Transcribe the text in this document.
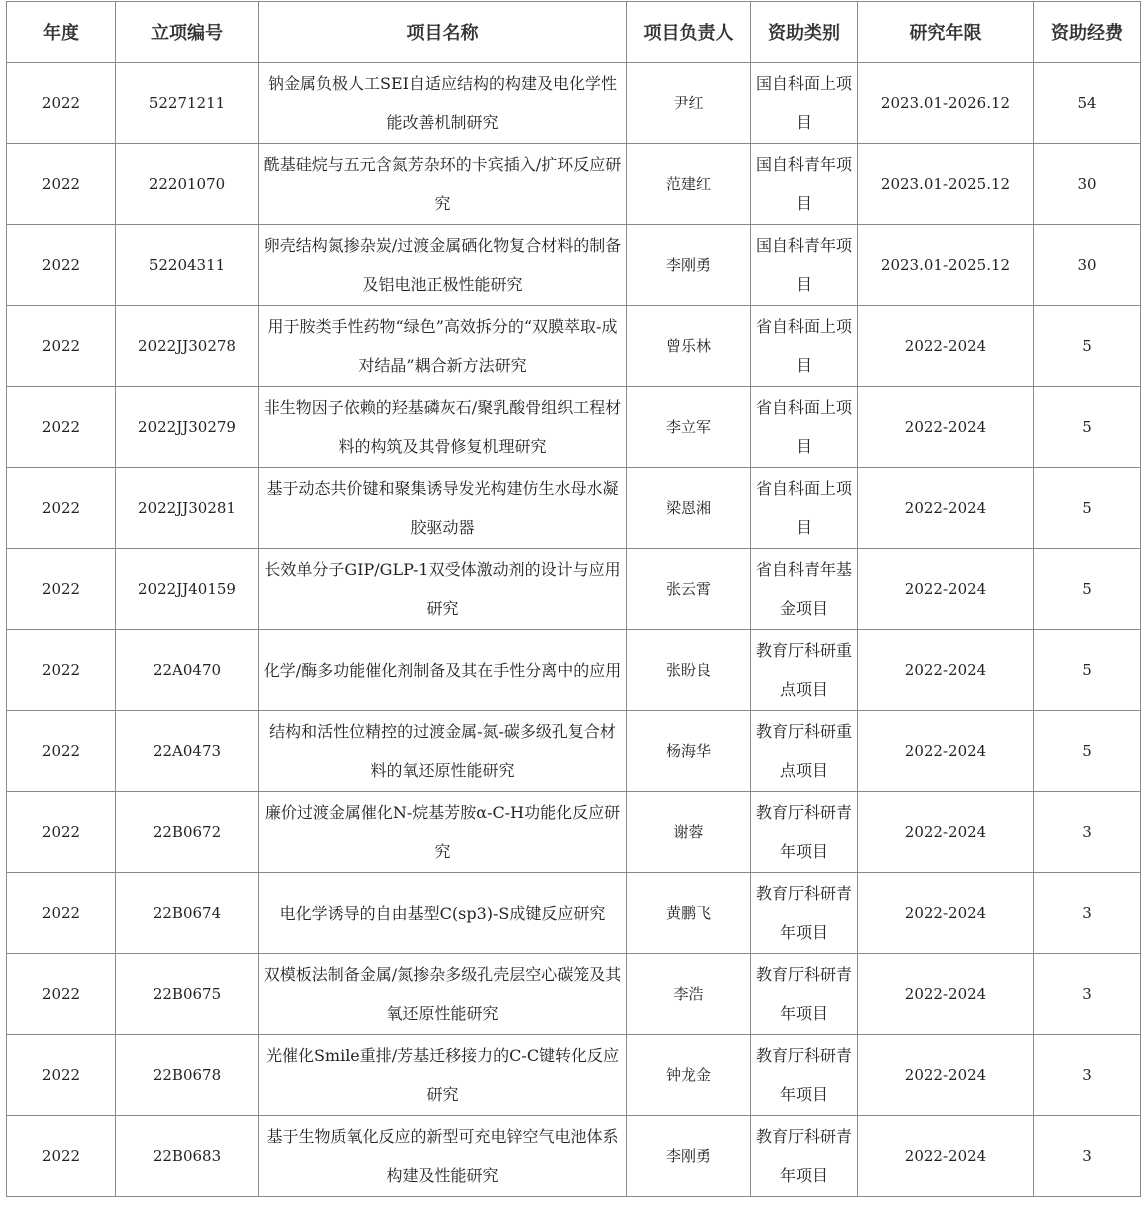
年度	立项编号	项目名称	项目负责人	资助类别	研究年限	资助经费
2022	52271211	钠金属负极人工SEI自适应结构的构建及电化学性能改善机制研究	尹红	国自科面上项目	2023.01-2026.12	54
2022	22201070	酰基硅烷与五元含氮芳杂环的卡宾插入/扩环反应研究	范建红	国自科青年项目	2023.01-2025.12	30
2022	52204311	卵壳结构氮掺杂炭/过渡金属硒化物复合材料的制备及铝电池正极性能研究	李刚勇	国自科青年项目	2023.01-2025.12	30
2022	2022JJ30278	用于胺类手性药物“绿色”高效拆分的“双膜萃取-成对结晶”耦合新方法研究	曾乐林	省自科面上项目	2022-2024	5
2022	2022JJ30279	非生物因子依赖的羟基磷灰石/聚乳酸骨组织工程材料的构筑及其骨修复机理研究	李立军	省自科面上项目	2022-2024	5
2022	2022JJ30281	基于动态共价键和聚集诱导发光构建仿生水母水凝胶驱动器	梁恩湘	省自科面上项目	2022-2024	5
2022	2022JJ40159	长效单分子GIP/GLP-1双受体激动剂的设计与应用研究	张云霄	省自科青年基金项目	2022-2024	5
2022	22A0470	化学/酶多功能催化剂制备及其在手性分离中的应用	张盼良	教育厅科研重点项目	2022-2024	5
2022	22A0473	结构和活性位精控的过渡金属-氮-碳多级孔复合材料的氧还原性能研究	杨海华	教育厅科研重点项目	2022-2024	5
2022	22B0672	廉价过渡金属催化N-烷基芳胺α-C-H功能化反应研究	谢蓉	教育厅科研青年项目	2022-2024	3
2022	22B0674	电化学诱导的自由基型C(sp3)-S成键反应研究	黄鹏飞	教育厅科研青年项目	2022-2024	3
2022	22B0675	双模板法制备金属/氮掺杂多级孔壳层空心碳笼及其氧还原性能研究	李浩	教育厅科研青年项目	2022-2024	3
2022	22B0678	光催化Smile重排/芳基迁移接力的C-C键转化反应研究	钟龙金	教育厅科研青年项目	2022-2024	3
2022	22B0683	基于生物质氧化反应的新型可充电锌空气电池体系构建及性能研究	李刚勇	教育厅科研青年项目	2022-2024	3
